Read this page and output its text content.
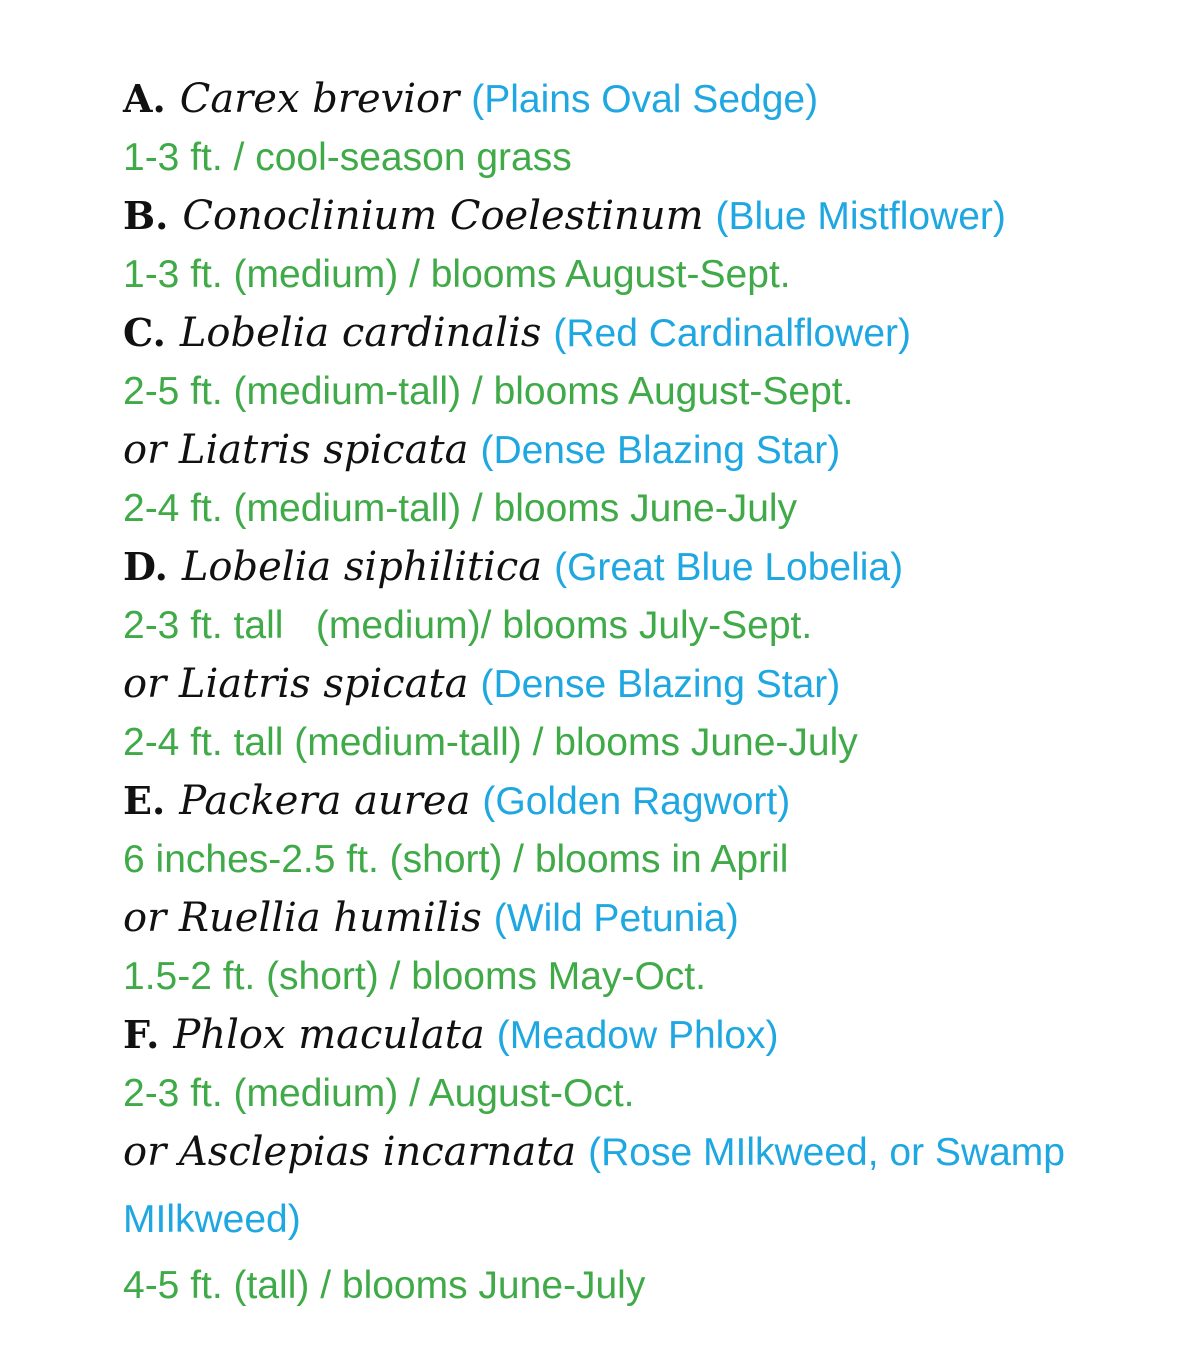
A. Carex brevior (Plains Oval Sedge)
1-3 ft. / cool-season grass
B. Conoclinium Coelestinum (Blue Mistflower)
1-3 ft. (medium) / blooms August-Sept.
C. Lobelia cardinalis (Red Cardinalflower)
2-5 ft. (medium-tall) / blooms August-Sept.
or Liatris spicata (Dense Blazing Star)
2-4 ft. (medium-tall) / blooms June-July
D. Lobelia siphilitica (Great Blue Lobelia)
2-3 ft. tall   (medium)/ blooms July-Sept.
or Liatris spicata (Dense Blazing Star)
2-4 ft. tall (medium-tall) / blooms June-July
E. Packera aurea (Golden Ragwort)
6 inches-2.5 ft. (short) / blooms in April
or Ruellia humilis (Wild Petunia)
1.5-2 ft. (short) / blooms May-Oct.
F. Phlox maculata (Meadow Phlox)
2-3 ft. (medium) / August-Oct.
or Asclepias incarnata (Rose MIlkweed, or Swamp MIlkweed)
4-5 ft. (tall) / blooms June-July
